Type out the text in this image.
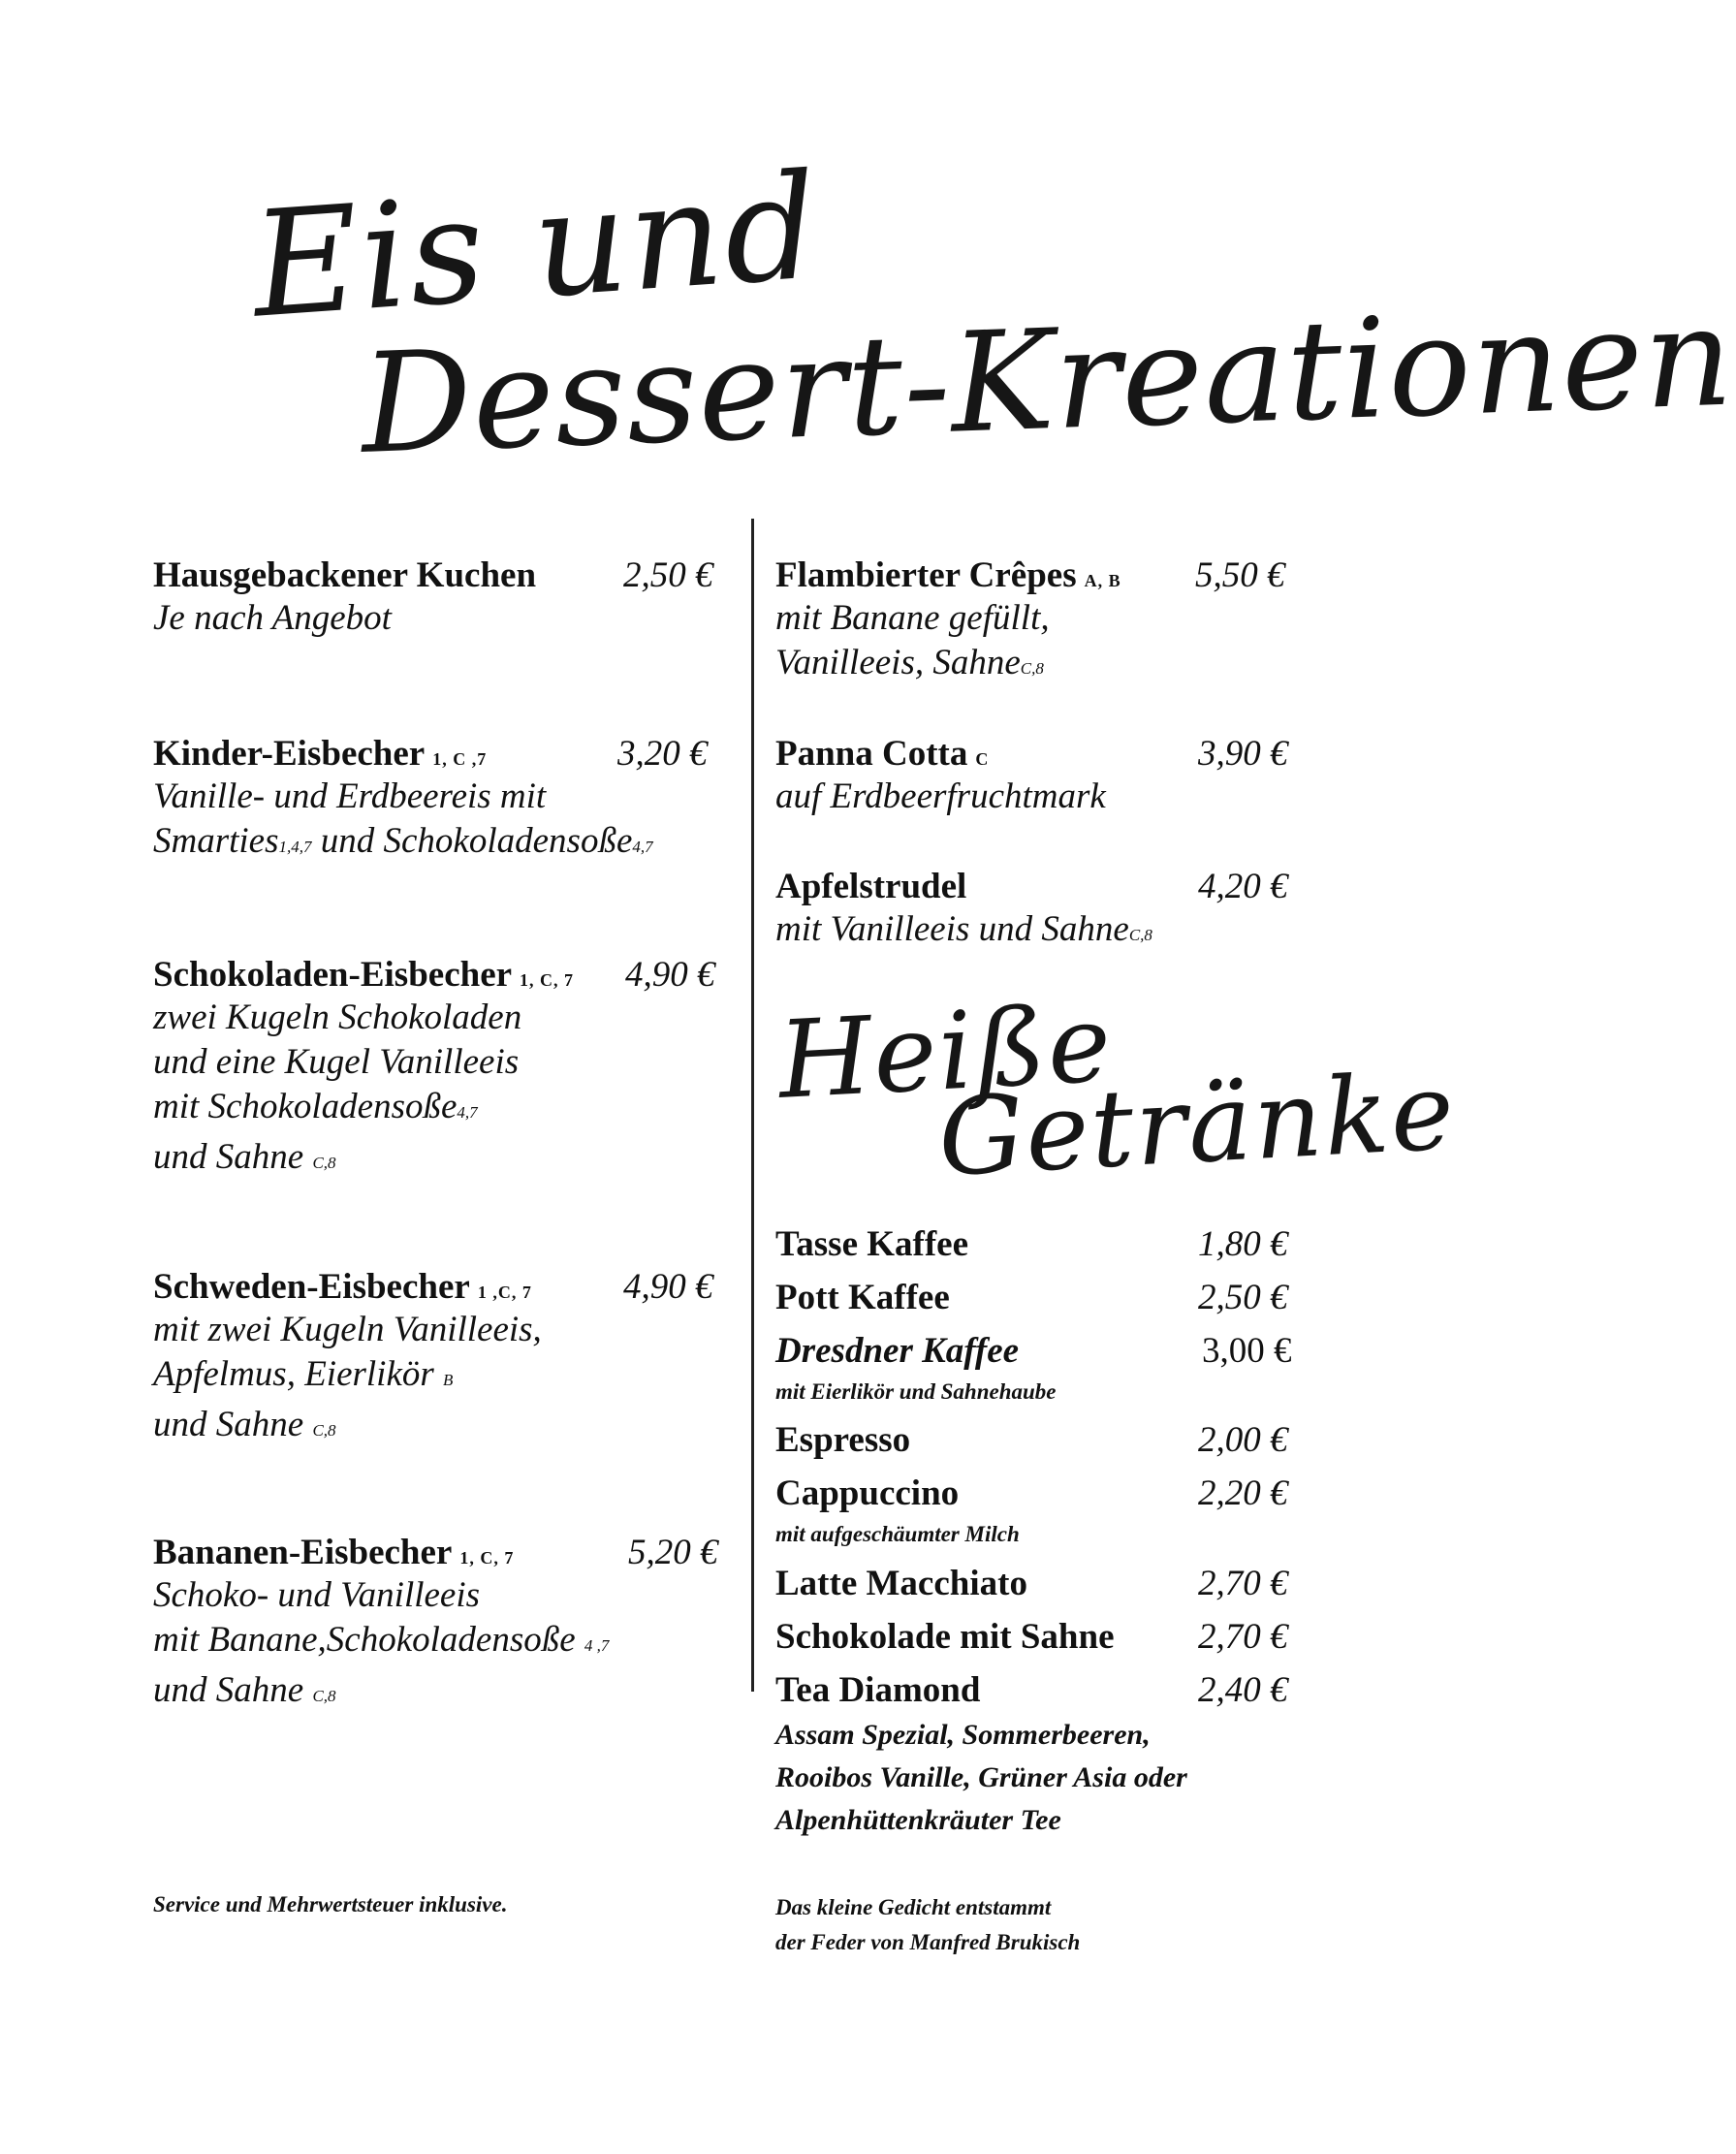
Eis und
Dessert-Kreationen
Hausgebackener Kuchen 2,50 €
Je nach Angebot
Kinder-Eisbecher 1, C ,7	3,20 €
Vanille- und Erdbeereis mit
Smarties1,4,7 und Schokoladensoße4,7
Schokoladen-Eisbecher 1, C, 7 4,90 €
zwei Kugeln Schokoladen
und eine Kugel Vanilleeis
mit Schokoladensoße4,7
und Sahne C,8
Schweden-Eisbecher 1 ,C, 7	4,90 €
mit zwei Kugeln Vanilleeis,
Apfelmus, Eierlikör B
und Sahne C,8
Bananen-Eisbecher 1, C, 7	5,20 €
Schoko- und Vanilleeis
mit Banane,Schokoladensoße 4 ,7
und Sahne C,8
Flambierter Crêpes A, B 5,50 €
mit Banane gefüllt,
Vanilleeis, SahneC,8
Panna Cotta C	3,90 €
auf Erdbeerfruchtmark
Apfelstrudel	4,20 €
mit Vanilleeis und SahneC,8
Heiße
Getränke
Tasse Kaffee	1,80 €
Pott Kaffee	2,50 €
Dresdner Kaffee	3,00 €
mit Eierlikör und Sahnehaube
Espresso	2,00 €
Cappuccino	2,20 €
mit aufgeschäumter Milch
Latte Macchiato	2,70 €
Schokolade mit Sahne 2,70 €
Tea Diamond	2,40 €
Assam Spezial, Sommerbeeren,
Rooibos Vanille, Grüner Asia oder
Alpenhüttenkräuter Tee
Service und Mehrwertsteuer inklusive.	Das kleine Gedicht entstammt
der Feder von Manfred Brukisch
